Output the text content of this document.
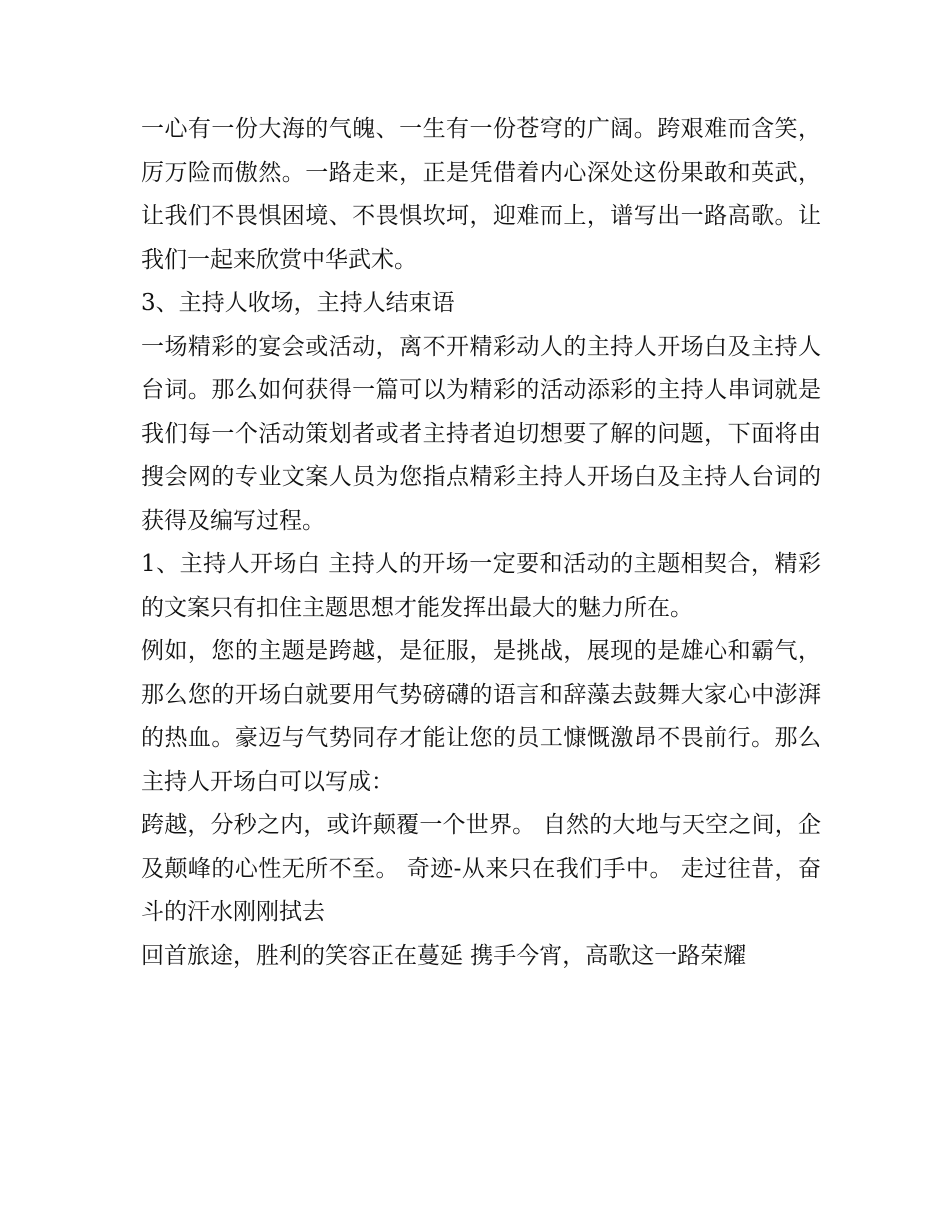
一心有一份大海的气魄、一生有一份苍穹的广阔。跨艰难而含笑，厉万险而傲然。一路走来，正是凭借着内心深处这份果敢和英武，让我们不畏惧困境、不畏惧坎坷，迎难而上，谱写出一路高歌。让我们一起来欣赏中华武术。

3、主持人收场，主持人结束语

一场精彩的宴会或活动，离不开精彩动人的主持人开场白及主持人台词。那么如何获得一篇可以为精彩的活动添彩的主持人串词就是我们每一个活动策划者或者主持者迫切想要了解的问题，下面将由搜会网的专业文案人员为您指点精彩主持人开场白及主持人台词的获得及编写过程。

1、主持人开场白 主持人的开场一定要和活动的主题相契合，精彩的文案只有扣住主题思想才能发挥出最大的魅力所在。

例如，您的主题是跨越，是征服，是挑战，展现的是雄心和霸气，那么您的开场白就要用气势磅礴的语言和辞藻去鼓舞大家心中澎湃的热血。豪迈与气势同存才能让您的员工慷慨激昂不畏前行。那么主持人开场白可以写成：

跨越，分秒之内，或许颠覆一个世界。 自然的大地与天空之间，企及颠峰的心性无所不至。 奇迹-从来只在我们手中。 走过往昔，奋斗的汗水刚刚拭去

回首旅途，胜利的笑容正在蔓延 携手今宵，高歌这一路荣耀
